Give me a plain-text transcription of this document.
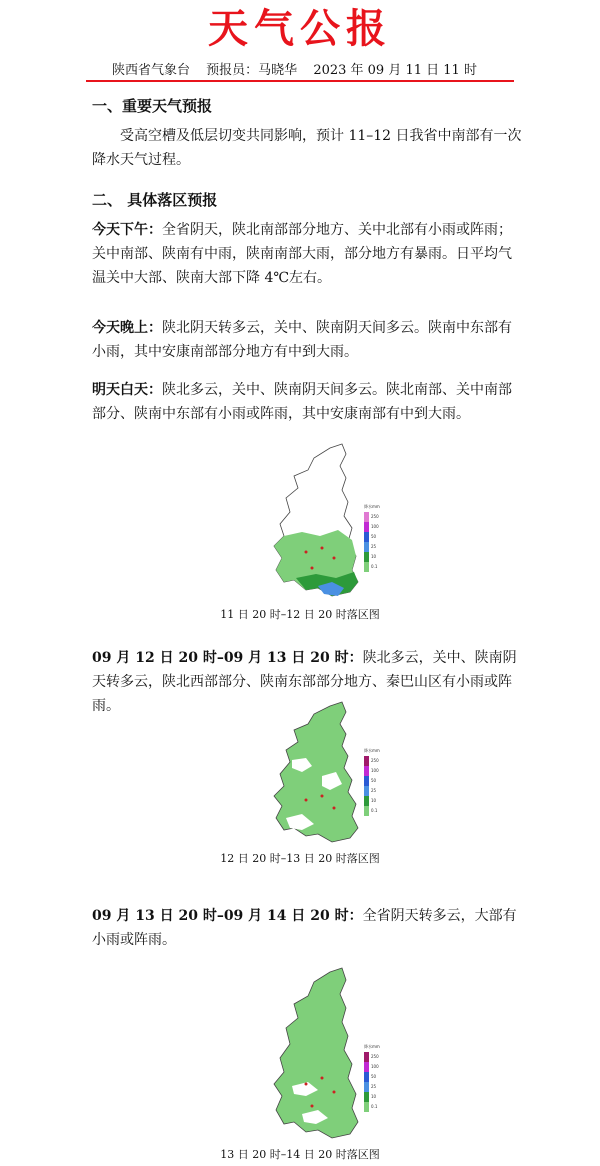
天气公报
陕西省气象台 预报员：马晓华 2023 年 09 月 11 日 11 时
一、重要天气预报
受高空槽及低层切变共同影响，预计 11–12 日我省中南部有一次降水天气过程。
二、 具体落区预报
今天下午：全省阴天，陕北南部部分地方、关中北部有小雨或阵雨；关中南部、陕南有中雨，陕南南部大雨，部分地方有暴雨。日平均气温关中大部、陕南大部下降 4℃左右。
今天晚上：陕北阴天转多云，关中、陕南阴天间多云。陕南中东部有小雨，其中安康南部部分地方有中到大雨。
明天白天：陕北多云，关中、陕南阴天间多云。陕北南部、关中南部部分、陕南中东部有小雨或阵雨，其中安康南部有中到大雨。
降水mm
250
100
50
25
10
0.1
11 日 20 时–12 日 20 时落区图
09 月 12 日 20 时–09 月 13 日 20 时：陕北多云，关中、陕南阴天转多云，陕北西部部分、陕南东部部分地方、秦巴山区有小雨或阵雨。
降水mm
250
100
50
25
10
0.1
12 日 20 时–13 日 20 时落区图
09 月 13 日 20 时–09 月 14 日 20 时：全省阴天转多云，大部有小雨或阵雨。
降水mm
250
100
50
25
10
0.1
13 日 20 时–14 日 20 时落区图
